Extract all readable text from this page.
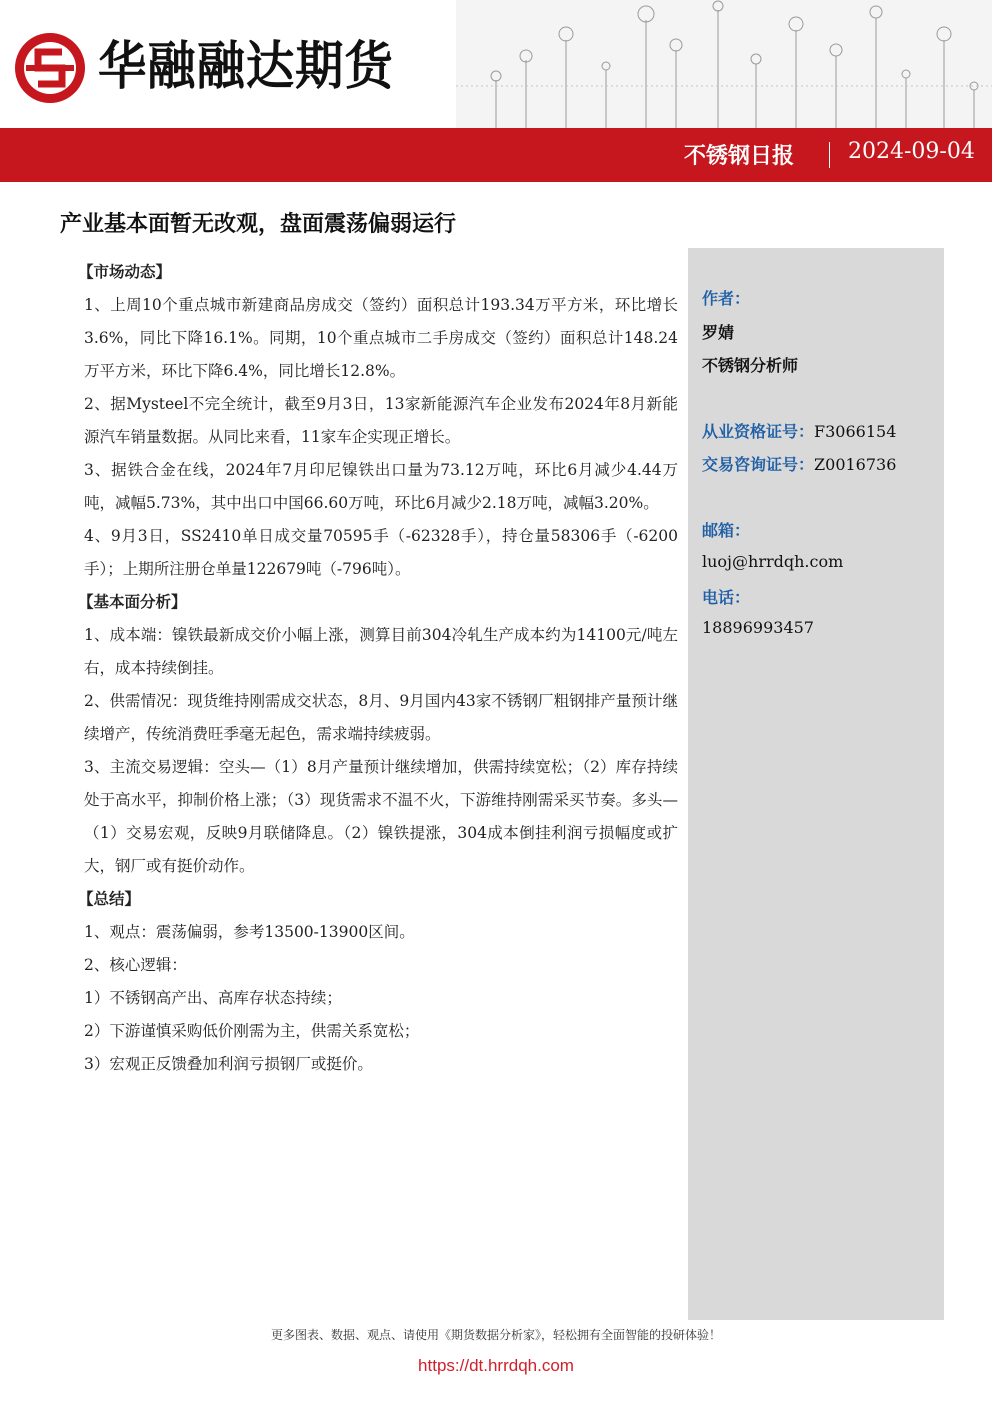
华融融达期货
不锈钢日报 2024-09-04
产业基本面暂无改观，盘面震荡偏弱运行
【市场动态】
1、上周10个重点城市新建商品房成交（签约）面积总计193.34万平方米，环比增长3.6%，同比下降16.1%。同期，10个重点城市二手房成交（签约）面积总计148.24万平方米，环比下降6.4%，同比增长12.8%。
2、据Mysteel不完全统计，截至9月3日，13家新能源汽车企业发布2024年8月新能源汽车销量数据。从同比来看，11家车企实现正增长。
3、据铁合金在线，2024年7月印尼镍铁出口量为73.12万吨，环比6月减少4.44万吨，减幅5.73%，其中出口中国66.60万吨，环比6月减少2.18万吨，减幅3.20%。
4、9月3日，SS2410单日成交量70595手（-62328手），持仓量58306手（-6200手）；上期所注册仓单量122679吨（-796吨）。
【基本面分析】
1、成本端：镍铁最新成交价小幅上涨，测算目前304冷轧生产成本约为14100元/吨左右，成本持续倒挂。
2、供需情况：现货维持刚需成交状态，8月、9月国内43家不锈钢厂粗钢排产量预计继续增产，传统消费旺季毫无起色，需求端持续疲弱。
3、主流交易逻辑：空头—（1）8月产量预计继续增加，供需持续宽松；（2）库存持续处于高水平，抑制价格上涨；（3）现货需求不温不火，下游维持刚需采买节奏。多头—（1）交易宏观，反映9月联储降息。（2）镍铁提涨，304成本倒挂利润亏损幅度或扩大，钢厂或有挺价动作。
【总结】
1、观点：震荡偏弱，参考13500-13900区间。
2、核心逻辑：
1）不锈钢高产出、高库存状态持续；
2）下游谨慎采购低价刚需为主，供需关系宽松；
3）宏观正反馈叠加利润亏损钢厂或挺价。
作者：
罗婧
不锈钢分析师
从业资格证号：F3066154
交易咨询证号：Z0016736
邮箱：
luoj@hrrdqh.com
电话：
18896993457
更多图表、数据、观点、请使用《期货数据分析家》，轻松拥有全面智能的投研体验！
https://dt.hrrdqh.com
